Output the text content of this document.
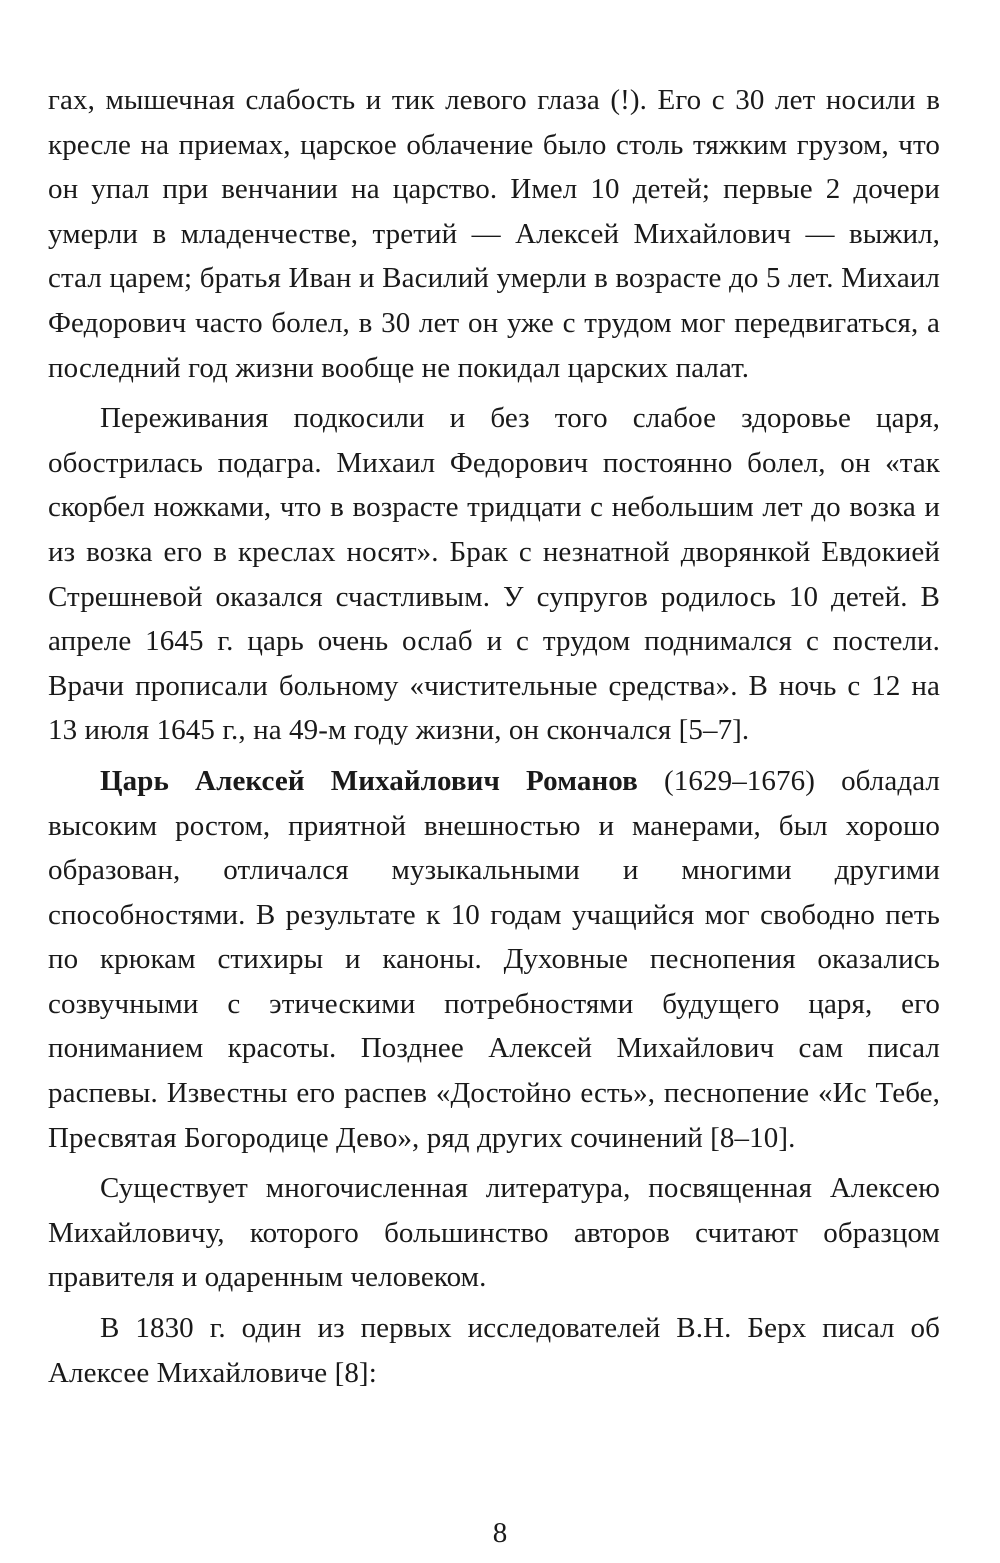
гах, мышечная слабость и тик левого глаза (!). Его с 30 лет носили в кресле на приемах, царское облачение было столь тяжким грузом, что он упал при венчании на царство. Имел 10 детей; первые 2 дочери умерли в младенчестве, третий — Алексей Михайлович — выжил, стал царем; братья Иван и Василий умерли в возрасте до 5 лет. Михаил Федорович часто болел, в 30 лет он уже с трудом мог передвигаться, а последний год жизни вообще не покидал царских палат.

Переживания подкосили и без того слабое здоровье царя, обострилась подагра. Михаил Федорович постоянно болел, он «так скорбел ножками, что в возрасте тридцати с небольшим лет до возка и из возка его в креслах носят». Брак с незнатной дворянкой Евдокией Стрешневой оказался счастливым. У супругов родилось 10 детей. В апреле 1645 г. царь очень ослаб и с трудом поднимался с постели. Врачи прописали больному «чистительные средства». В ночь с 12 на 13 июля 1645 г., на 49-м году жизни, он скончался [5–7].

Царь Алексей Михайлович Романов (1629–1676) обладал высоким ростом, приятной внешностью и манерами, был хорошо образован, отличался музыкальными и многими другими способностями. В результате к 10 годам учащийся мог свободно петь по крюкам стихиры и каноны. Духовные песнопения оказались созвучными с этическими потребностями будущего царя, его пониманием красоты. Позднее Алексей Михайлович сам писал распевы. Известны его распев «Достойно есть», песнопение «Ис Тебе, Пресвятая Богородице Дево», ряд других сочинений [8–10].

Существует многочисленная литература, посвященная Алексею Михайловичу, которого большинство авторов считают образцом правителя и одаренным человеком.

В 1830 г. один из первых исследователей В.Н. Берх писал об Алексее Михайловиче [8]:

8
